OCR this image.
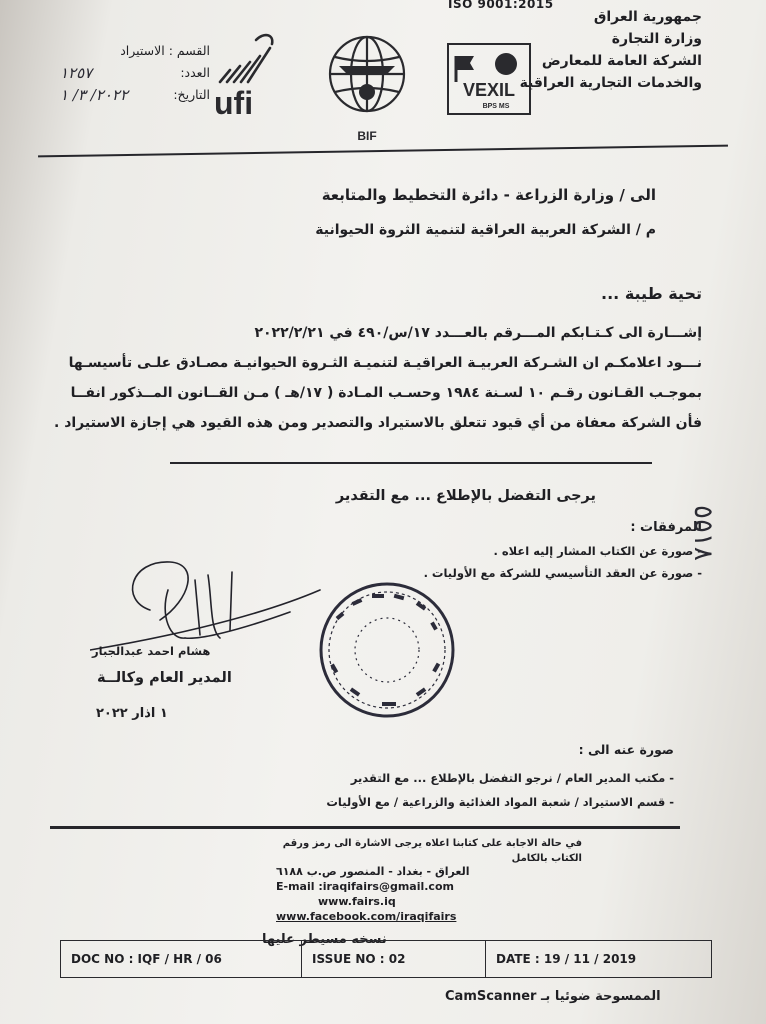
ISO 9001:2015
جمهورية العراق
وزارة التجارة
الشركة العامة للمعارض
والخدمات التجارية العراقية
القسم : الاستيراد
العدد:
١٢٥٧
التاريخ:
٢٠٢٢/ ٣/ ١	ufi
BIF
VEXIL
BPS MS
الى / وزارة الزراعة - دائرة التخطيط والمتابعة
م / الشركة العربية العراقية لتنمية الثروة الحيوانية
تحية طيبة ...
إشـــارة الى كـتـابكم المـــرقم بالعـــدد ١٧/س/٤٩٠ في ٢٠٢٢/٢/٢١
نـــود اعلامكـم ان الشـركة العربيـة العراقيـة لتنميـة الثـروة الحيوانيـة مصـادق علـى تأسيسـها
بموجـب القـانون رقـم ١٠ لسـنة ١٩٨٤ وحسـب المـادة ( ١٧/هـ ) مـن القــانون المــذكور انفــا
فأن الشركة معفاة من أي قيود تتعلق بالاستيراد والتصدير ومن هذه القيود هي إجازة الاستيراد .
يرجى التفضل بالإطلاع ... مع التقدير
المرفقات :
- صورة عن الكتاب المشار إليه اعلاه .
- صورة عن العقد التأسيسي للشركة مع الأوليات .
٥٥١٨
هشام احمد عبدالجبار
المدير العام وكالــة
١ اذار ٢٠٢٢
صورة عنه الى :
- مكتب المدير العام / نرجو التفضل بالإطلاع ... مع التقدير
- قسم الاستيراد / شعبة المواد الغذائية والزراعية / مع الأوليات
في حالة الاجابة على كتابنا اعلاه يرجى الاشارة الى رمز ورقم الكتاب بالكامل
العراق - بغداد - المنصور ص.ب ٦١٨٨
E-mail :iraqifairs@gmail.com
www.fairs.iq
www.facebook.com/iraqifairs
نسخه مسيطر عليها
DOC NO : IQF / HR / 06	ISSUE NO : 02	DATE : 19 / 11 / 2019
الممسوحة ضوئيا بـ CamScanner
